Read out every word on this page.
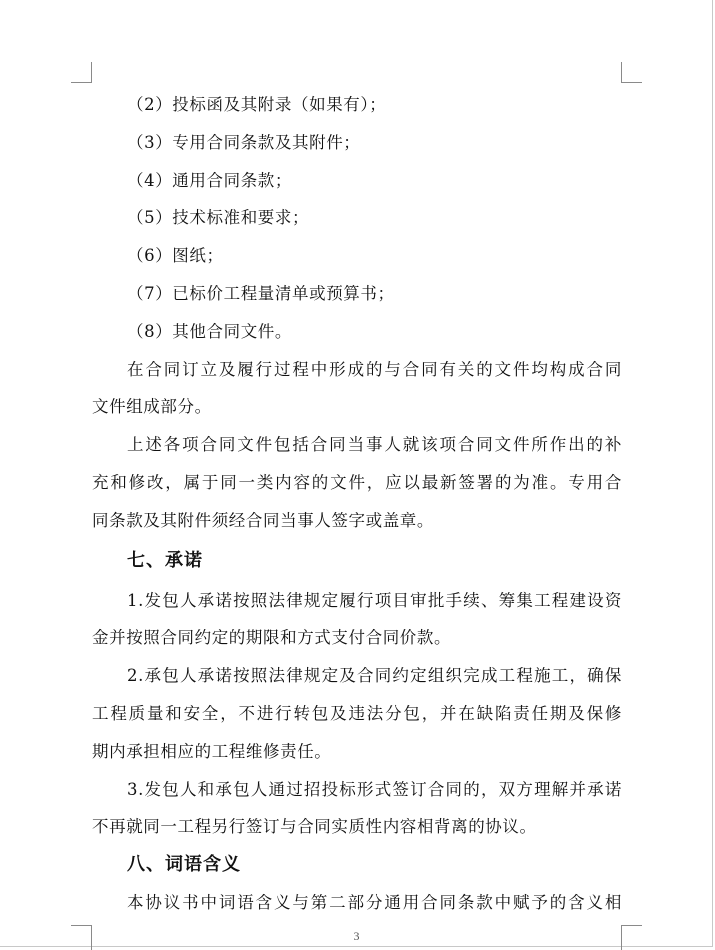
（2）投标函及其附录（如果有）；
（3）专用合同条款及其附件；
（4）通用合同条款；
（5）技术标准和要求；
（6）图纸；
（7）已标价工程量清单或预算书；
（8）其他合同文件。
在合同订立及履行过程中形成的与合同有关的文件均构成合同
文件组成部分。
上述各项合同文件包括合同当事人就该项合同文件所作出的补
充和修改，属于同一类内容的文件，应以最新签署的为准。专用合
同条款及其附件须经合同当事人签字或盖章。
七、承诺
1.发包人承诺按照法律规定履行项目审批手续、筹集工程建设资
金并按照合同约定的期限和方式支付合同价款。
2.承包人承诺按照法律规定及合同约定组织完成工程施工，确保
工程质量和安全，不进行转包及违法分包，并在缺陷责任期及保修
期内承担相应的工程维修责任。
3.发包人和承包人通过招投标形式签订合同的，双方理解并承诺
不再就同一工程另行签订与合同实质性内容相背离的协议。
八、词语含义
本协议书中词语含义与第二部分通用合同条款中赋予的含义相
3
